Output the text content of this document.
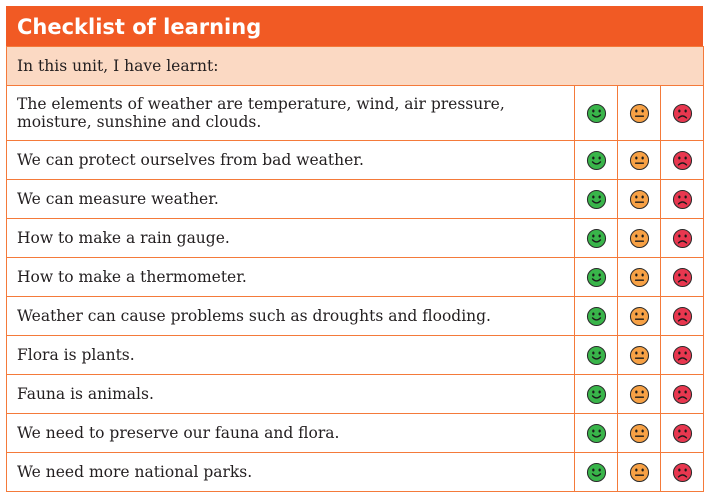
Checklist of learning
In this unit, I have learnt:			

The elements of weather are temperature, wind, air pressure,
moisture, sunshine and clouds.

We can protect ourselves from bad weather.

We can measure weather.

How to make a rain gauge.

How to make a thermometer.

Weather can cause problems such as droughts and flooding.

Flora is plants.

Fauna is animals.

We need to preserve our fauna and flora.

We need more national parks.
